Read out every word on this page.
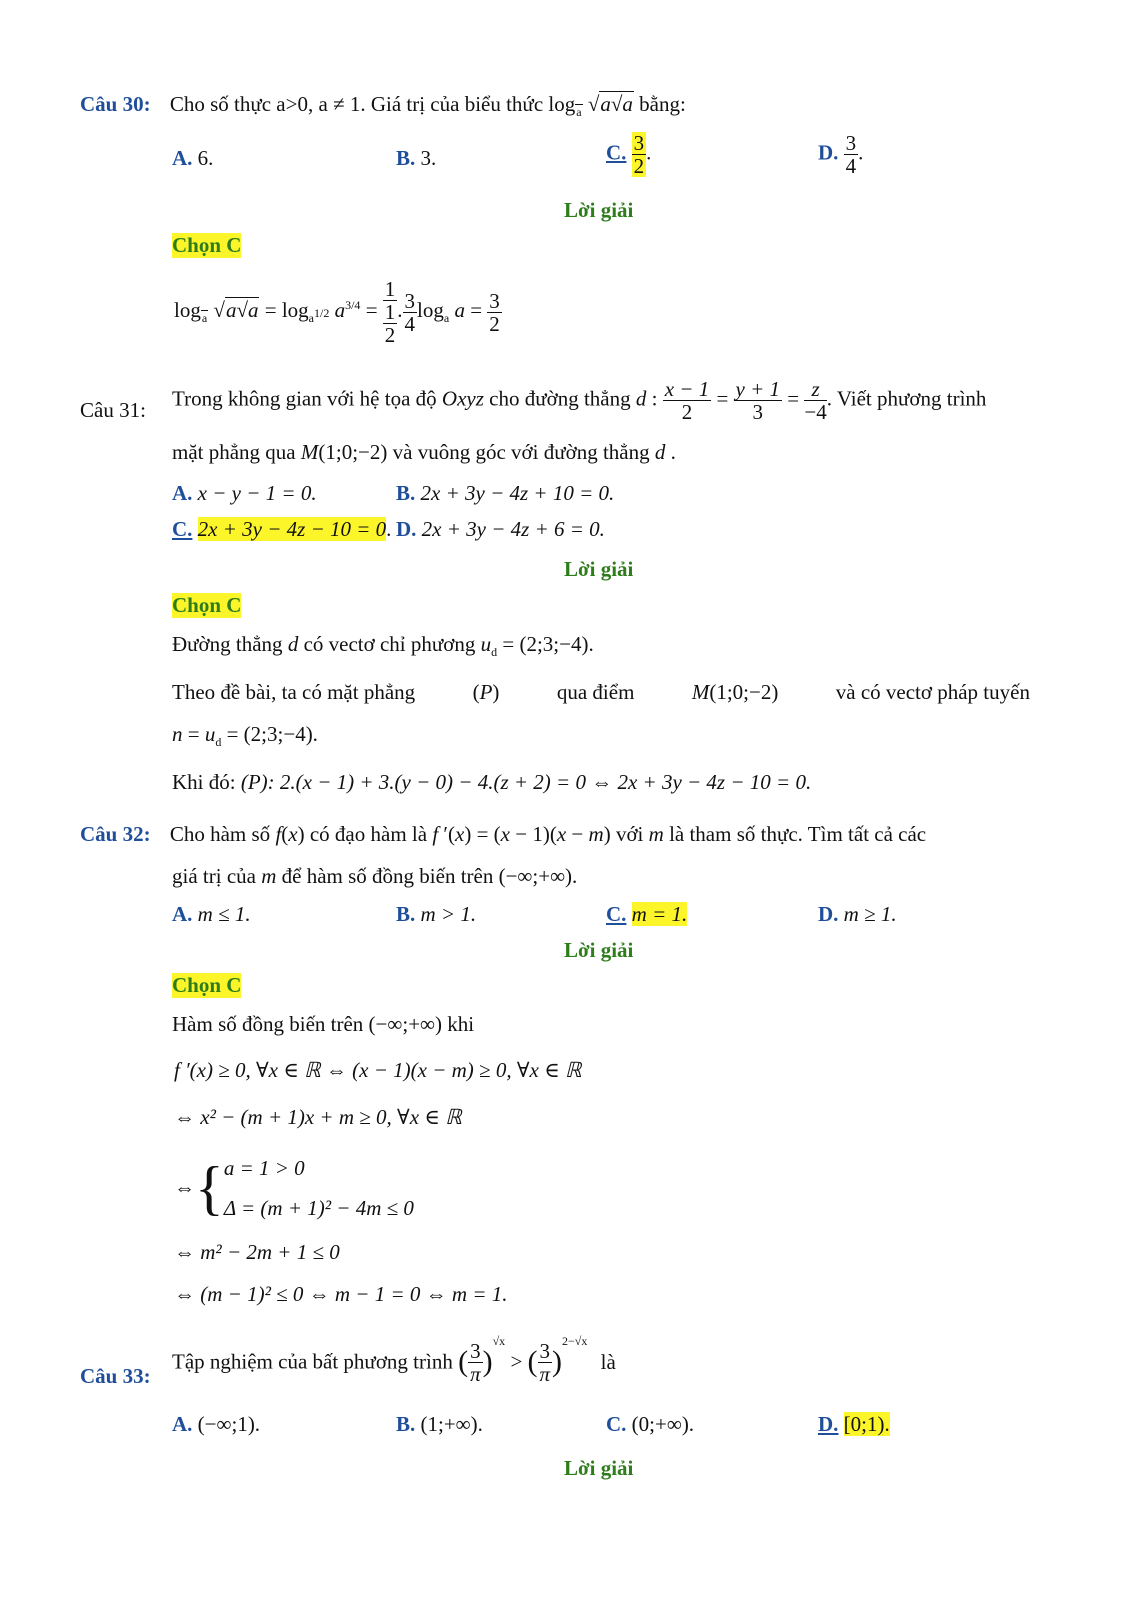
Câu 30: Cho số thực a>0, a ≠ 1. Giá trị của biểu thức $\log_a √a√a$ bằng:
A. 6.	B. 3.	C. $\frac{3}{2}$ .	D. $\frac{3}{4}$ .
Lời giải
Chọn C
$\log_a √a√a = \log_{a^{1/2}} a^{3/4} = \frac{1}{\frac{1}{2}}$ . $\frac{3}{4} \log_a a = \frac{3}{2}$
Câu 31: Trong không gian với hệ tọa độ Oxyz cho đường thẳng d : $\frac{x - 1}{2} = \frac{y + 1}{3} = \frac{z}{-4}$ . Viết phương trình
mặt phẳng qua M(1;0;−2) và vuông góc với đường thẳng d .
A. x − y − 1 = 0.	B. 2x + 3y − 4z + 10 = 0.
C. 2x + 3y − 4z − 10 = 0. D. 2x + 3y − 4z + 6 = 0.
Lời giải
Chọn C
Đường thẳng d có vectơ chỉ phương $u_d$ = (2;3;−4).
Theo đề bài, ta có mặt phẳng	(P)	qua điểm	M(1;0;−2)	và có vectơ pháp tuyến
$n = u_d$ = (2;3;−4).
Khi đó: (P): 2.(x − 1) + 3.(y − 0) − 4.(z + 2) = 0 ⇔ 2x + 3y − 4z − 10 = 0.
Câu 32: Cho hàm số f(x) có đạo hàm là f ′(x) = (x − 1)(x − m) với m là tham số thực. Tìm tất cả các
giá trị của m để hàm số đồng biến trên (−∞;+∞).
A. m ≤ 1.	B. m > 1.	C. m = 1.	D. m ≥ 1.
Lời giải
Chọn C
Hàm số đồng biến trên (−∞;+∞) khi
f ′(x) ≥ 0, ∀x ∈ ℝ ⇔ (x − 1)(x − m) ≥ 0, ∀x ∈ ℝ
⇔ x² − (m + 1)x + m ≥ 0, ∀x ∈ ℝ
⇔{ a = 1 > 0
Δ = (m + 1)² − 4m ≤ 0
⇔ m² − 2m + 1 ≤ 0
⇔ (m − 1)² ≤ 0 ⇔ m − 1 = 0 ⇔ m = 1.
Câu 33:
Tập nghiệm của bất phương trình ( $\frac{3}{\pi} )^{√x}$ > ( $\frac{3}{\pi} )^{2-√x}$ là
A. (−∞;1).	B. (1;+∞).	C. (0;+∞).	D. [0;1).
Lời giải
